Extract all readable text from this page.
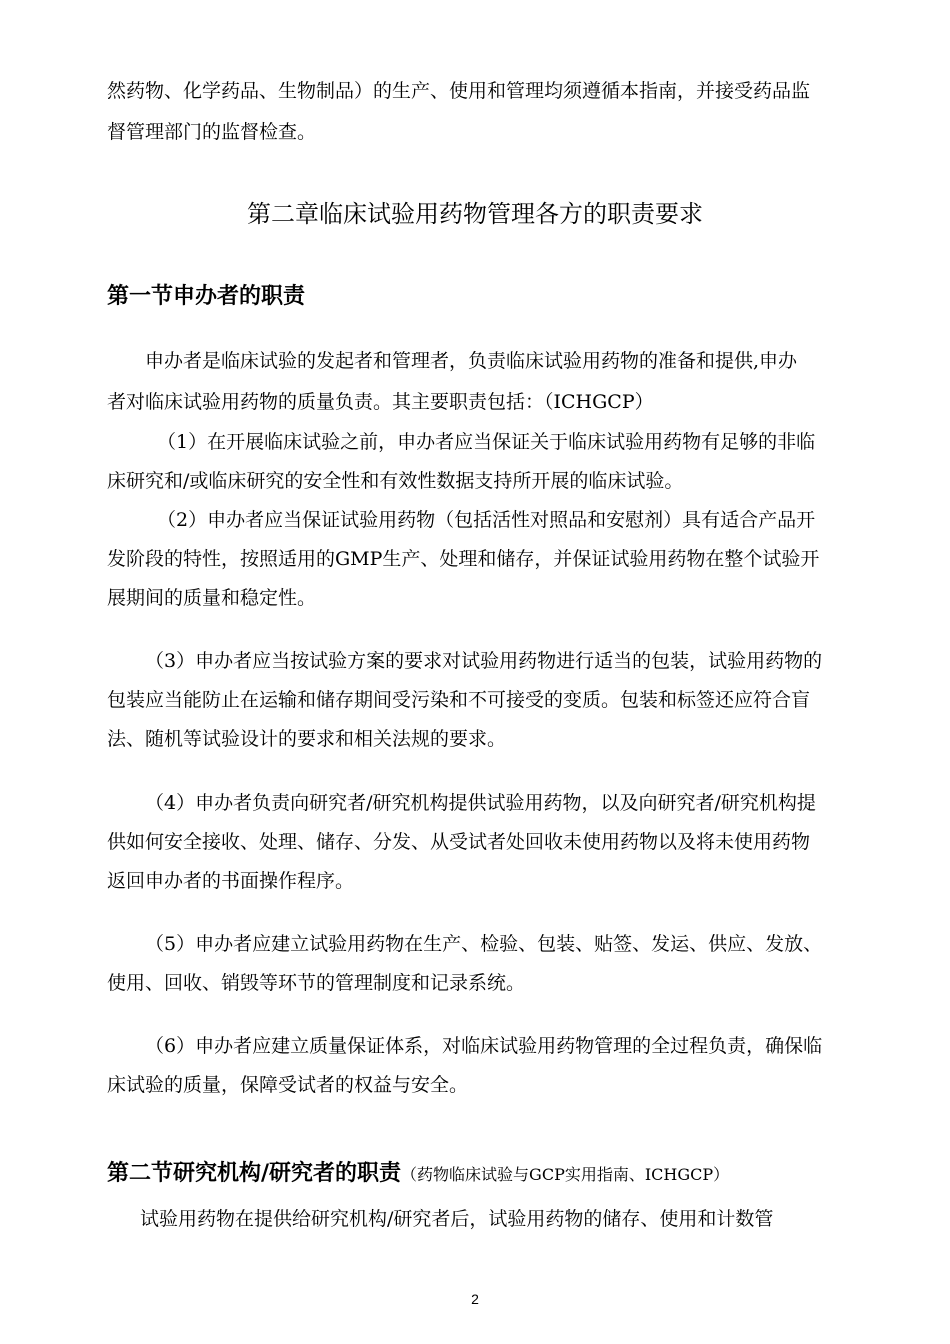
然药物、化学药品、生物制品）的生产、使用和管理均须遵循本指南，并接受药品监

督管理部门的监督检查。

第二章临床试验用药物管理各方的职责要求
第一节申办者的职责

申办者是临床试验的发起者和管理者，负责临床试验用药物的准备和提供,申办

者对临床试验用药物的质量负责。其主要职责包括：（ICHGCP）

（1）在开展临床试验之前，申办者应当保证关于临床试验用药物有足够的非临

床研究和/或临床研究的安全性和有效性数据支持所开展的临床试验。

（2）申办者应当保证试验用药物（包括活性对照品和安慰剂）具有适合产品开

发阶段的特性，按照适用的GMP生产、处理和储存，并保证试验用药物在整个试验开

展期间的质量和稳定性。

（3）申办者应当按试验方案的要求对试验用药物进行适当的包装，试验用药物的

包装应当能防止在运输和储存期间受污染和不可接受的变质。包装和标签还应符合盲

法、随机等试验设计的要求和相关法规的要求。

（4）申办者负责向研究者/研究机构提供试验用药物，以及向研究者/研究机构提

供如何安全接收、处理、储存、分发、从受试者处回收未使用药物以及将未使用药物

返回申办者的书面操作程序。

（5）申办者应建立试验用药物在生产、检验、包装、贴签、发运、供应、发放、

使用、回收、销毁等环节的管理制度和记录系统。

（6）申办者应建立质量保证体系，对临床试验用药物管理的全过程负责，确保临

床试验的质量，保障受试者的权益与安全。

第二节研究机构/研究者的职责（药物临床试验与GCP实用指南、ICHGCP）

试验用药物在提供给研究机构/研究者后，试验用药物的储存、使用和计数管

2
